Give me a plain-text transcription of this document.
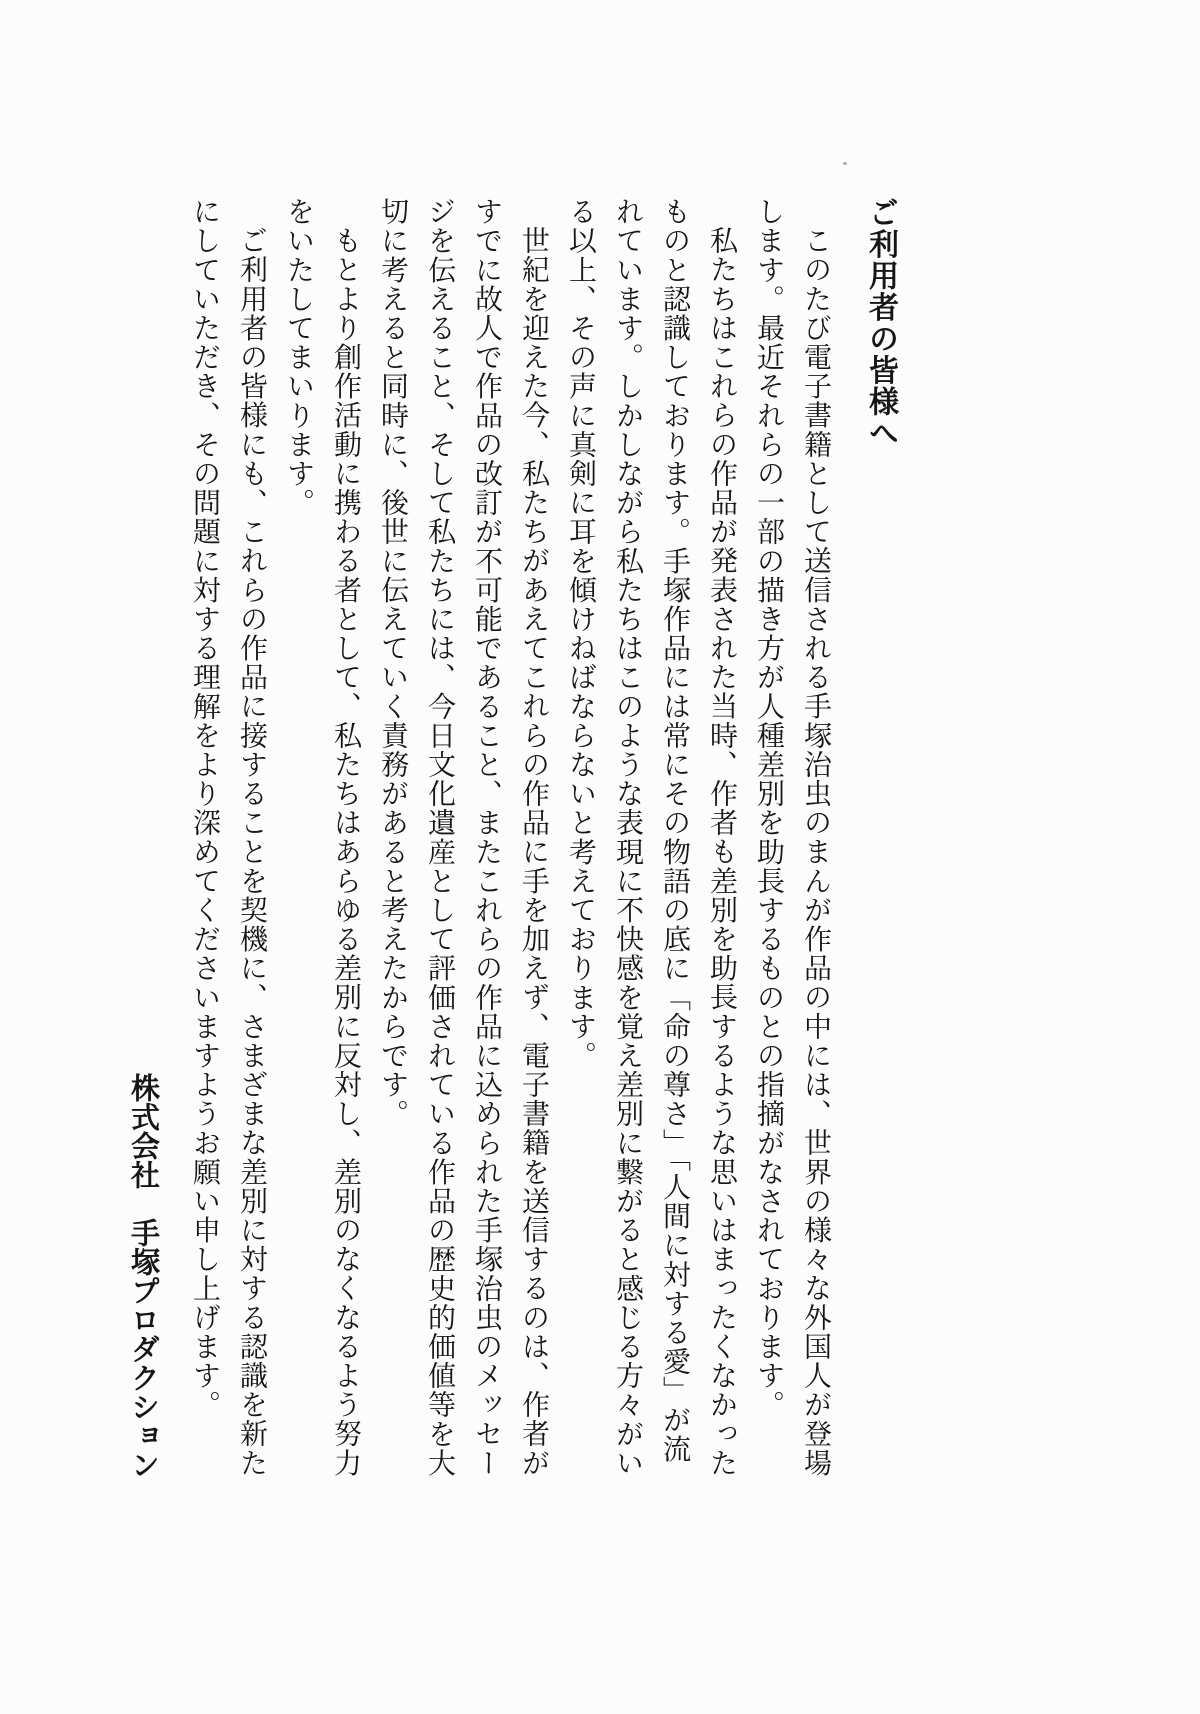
ご利用者の皆様へ

このたび電子書籍として送信される手塚治虫のまんが作品の中には、世界の様々な外国人が登場します。最近それらの一部の描き方が人種差別を助長するものとの指摘がなされております。

私たちはこれらの作品が発表された当時、作者も差別を助長するような思いはまったくなかったものと認識しております。手塚作品には常にその物語の底に「命の尊さ」「人間に対する愛」が流れています。しかしながら私たちはこのような表現に不快感を覚え差別に繋がると感じる方々がいる以上、その声に真剣に耳を傾けねばならないと考えております。

世紀を迎えた今、私たちがあえてこれらの作品に手を加えず、電子書籍を送信するのは、作者がすでに故人で作品の改訂が不可能であること、またこれらの作品に込められた手塚治虫のメッセージを伝えること、そして私たちには、今日文化遺産として評価されている作品の歴史的価値等を大切に考えると同時に、後世に伝えていく責務があると考えたからです。

もとより創作活動に携わる者として、私たちはあらゆる差別に反対し、差別のなくなるよう努力をいたしてまいります。

ご利用者の皆様にも、これらの作品に接することを契機に、さまざまな差別に対する認識を新たにしていただき、その問題に対する理解をより深めてくださいますようお願い申し上げます。

株式会社　手塚プロダクション
